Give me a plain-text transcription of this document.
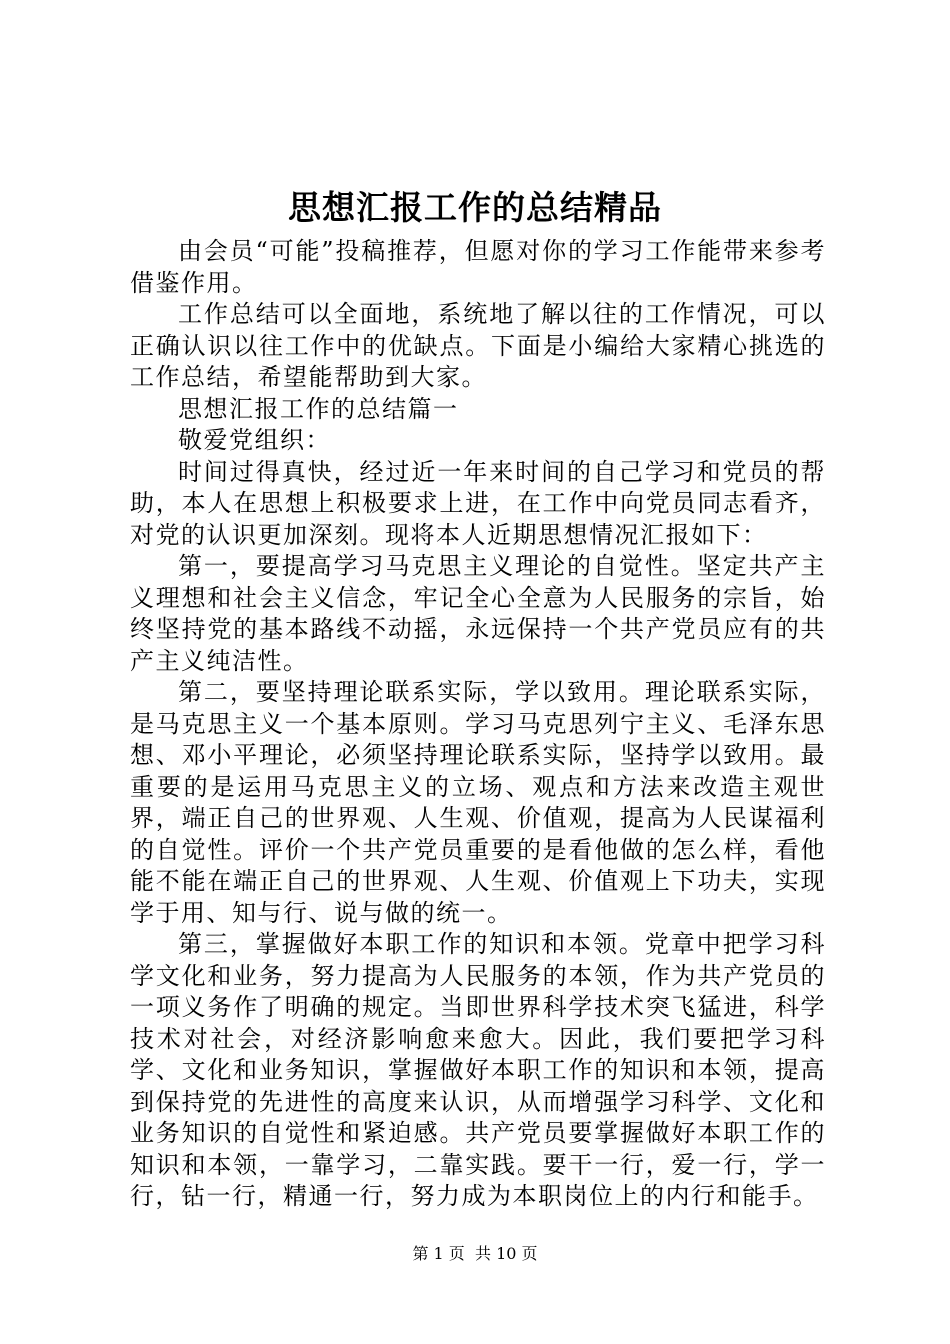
思想汇报工作的总结精品

由会员“可能”投稿推荐，但愿对你的学习工作能带来参考借鉴作用。

工作总结可以全面地，系统地了解以往的工作情况，可以正确认识以往工作中的优缺点。下面是小编给大家精心挑选的工作总结，希望能帮助到大家。

思想汇报工作的总结篇一

敬爱党组织：

时间过得真快，经过近一年来时间的自己学习和党员的帮助，本人在思想上积极要求上进，在工作中向党员同志看齐，对党的认识更加深刻。现将本人近期思想情况汇报如下：

第一，要提高学习马克思主义理论的自觉性。坚定共产主义理想和社会主义信念，牢记全心全意为人民服务的宗旨，始终坚持党的基本路线不动摇，永远保持一个共产党员应有的共产主义纯洁性。

第二，要坚持理论联系实际，学以致用。理论联系实际，是马克思主义一个基本原则。学习马克思列宁主义、毛泽东思想、邓小平理论，必须坚持理论联系实际，坚持学以致用。最重要的是运用马克思主义的立场、观点和方法来改造主观世界，端正自己的世界观、人生观、价值观，提高为人民谋福利的自觉性。评价一个共产党员重要的是看他做的怎么样，看他能不能在端正自己的世界观、人生观、价值观上下功夫，实现学于用、知与行、说与做的统一。

第三，掌握做好本职工作的知识和本领。党章中把学习科学文化和业务，努力提高为人民服务的本领，作为共产党员的一项义务作了明确的规定。当即世界科学技术突飞猛进，科学技术对社会，对经济影响愈来愈大。因此，我们要把学习科学、文化和业务知识，掌握做好本职工作的知识和本领，提高到保持党的先进性的高度来认识，从而增强学习科学、文化和业务知识的自觉性和紧迫感。共产党员要掌握做好本职工作的知识和本领，一靠学习，二靠实践。要干一行，爱一行，学一行，钻一行，精通一行，努力成为本职岗位上的内行和能手。

第 1 页 共 10 页
